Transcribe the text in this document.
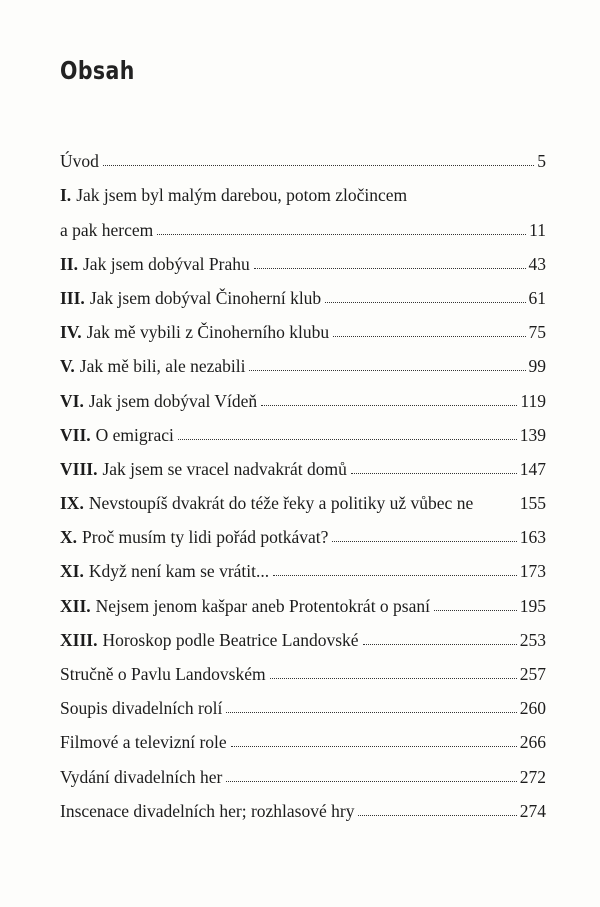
Obsah
Úvod	5
I. Jak jsem byl malým darebou, potom zločincem
a pak hercem	11
II. Jak jsem dobýval Prahu	43
III. Jak jsem dobýval Činoherní klub	61
IV. Jak mě vybili z Činoherního klubu	75
V. Jak mě bili, ale nezabili	99
VI. Jak jsem dobýval Vídeň	119
VII. O emigraci	139
VIII. Jak jsem se vracel nadvakrát domů	147
IX. Nevstoupíš dvakrát do téže řeky a politiky už vůbec ne	155
X. Proč musím ty lidi pořád potkávat?	163
XI. Když není kam se vrátit...	173
XII. Nejsem jenom kašpar aneb Protentokrát o psaní	195
XIII. Horoskop podle Beatrice Landovské	253
Stručně o Pavlu Landovském	257
Soupis divadelních rolí	260
Filmové a televizní role	266
Vydání divadelních her	272
Inscenace divadelních her; rozhlasové hry	274
